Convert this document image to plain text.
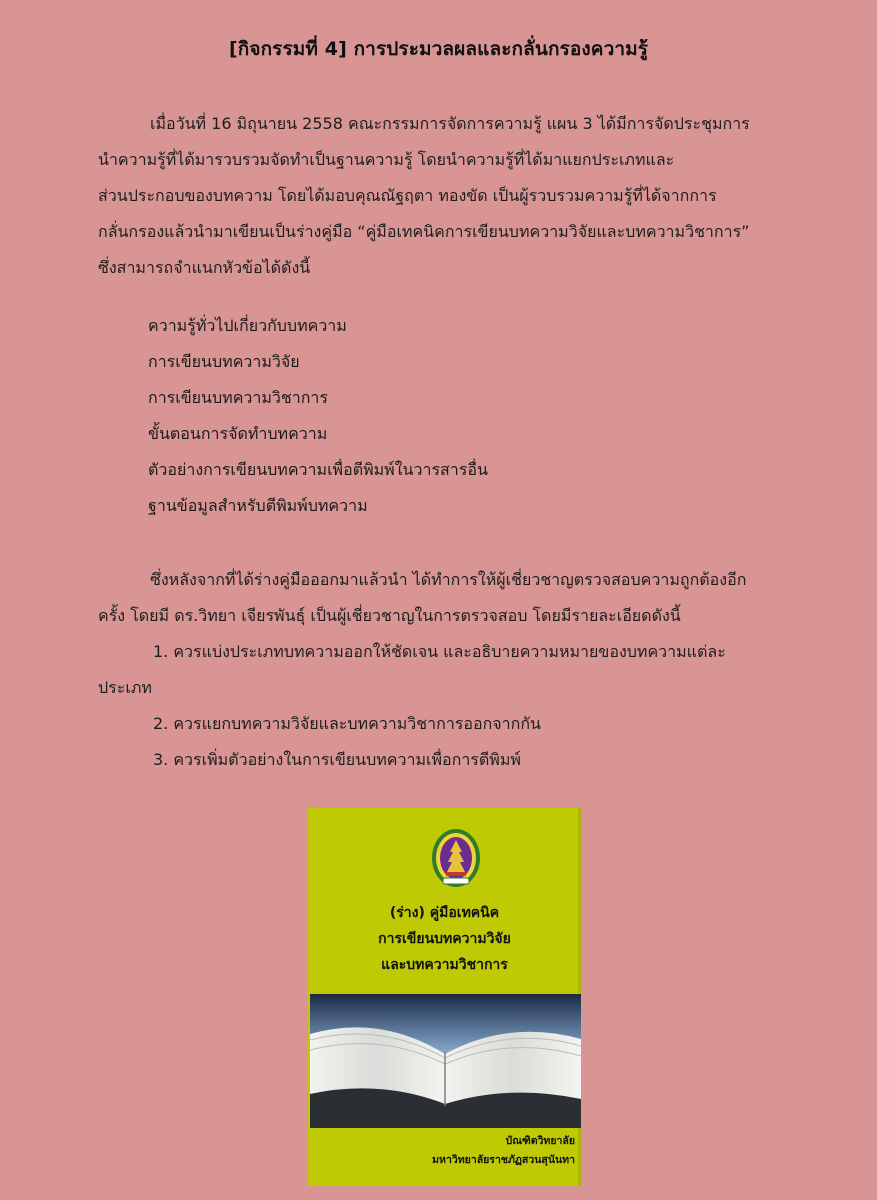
[กิจกรรมที่ 4] การประมวลผลและกลั่นกรองความรู้
เมื่อวันที่ 16 มิถุนายน 2558 คณะกรรมการจัดการความรู้ แผน 3 ได้มีการจัดประชุมการ
นำความรู้ที่ได้มารวบรวมจัดทำเป็นฐานความรู้ โดยนำความรู้ที่ได้มาแยกประเภทและ
ส่วนประกอบของบทความ โดยได้มอบคุณณัฐฤตา ทองขัด เป็นผู้รวบรวมความรู้ที่ได้จากการ
กลั่นกรองแล้วนำมาเขียนเป็นร่างคู่มือ “คู่มือเทคนิคการเขียนบทความวิจัยและบทความวิชาการ”
ซึ่งสามารถจำแนกหัวข้อได้ดังนี้
ความรู้ทั่วไปเกี่ยวกับบทความ
การเขียนบทความวิจัย
การเขียนบทความวิชาการ
ขั้นตอนการจัดทำบทความ
ตัวอย่างการเขียนบทความเพื่อตีพิมพ์ในวารสารอื่น
ฐานข้อมูลสำหรับตีพิมพ์บทความ
ซึ่งหลังจากที่ได้ร่างคู่มือออกมาแล้วนำ ได้ทำการให้ผู้เชี่ยวชาญตรวจสอบความถูกต้องอีก
ครั้ง โดยมี ดร.วิทยา เจียรพันธุ์ เป็นผู้เชี่ยวชาญในการตรวจสอบ โดยมีรายละเอียดดังนี้
1. ควรแบ่งประเภทบทความออกให้ชัดเจน และอธิบายความหมายของบทความแต่ละ
ประเภท
2. ควรแยกบทความวิจัยและบทความวิชาการออกจากกัน
3. ควรเพิ่มตัวอย่างในการเขียนบทความเพื่อการตีพิมพ์
(ร่าง) คู่มือเทคนิค
การเขียนบทความวิจัย
และบทความวิชาการ
บัณฑิตวิทยาลัย
มหาวิทยาลัยราชภัฏสวนสุนันทา
